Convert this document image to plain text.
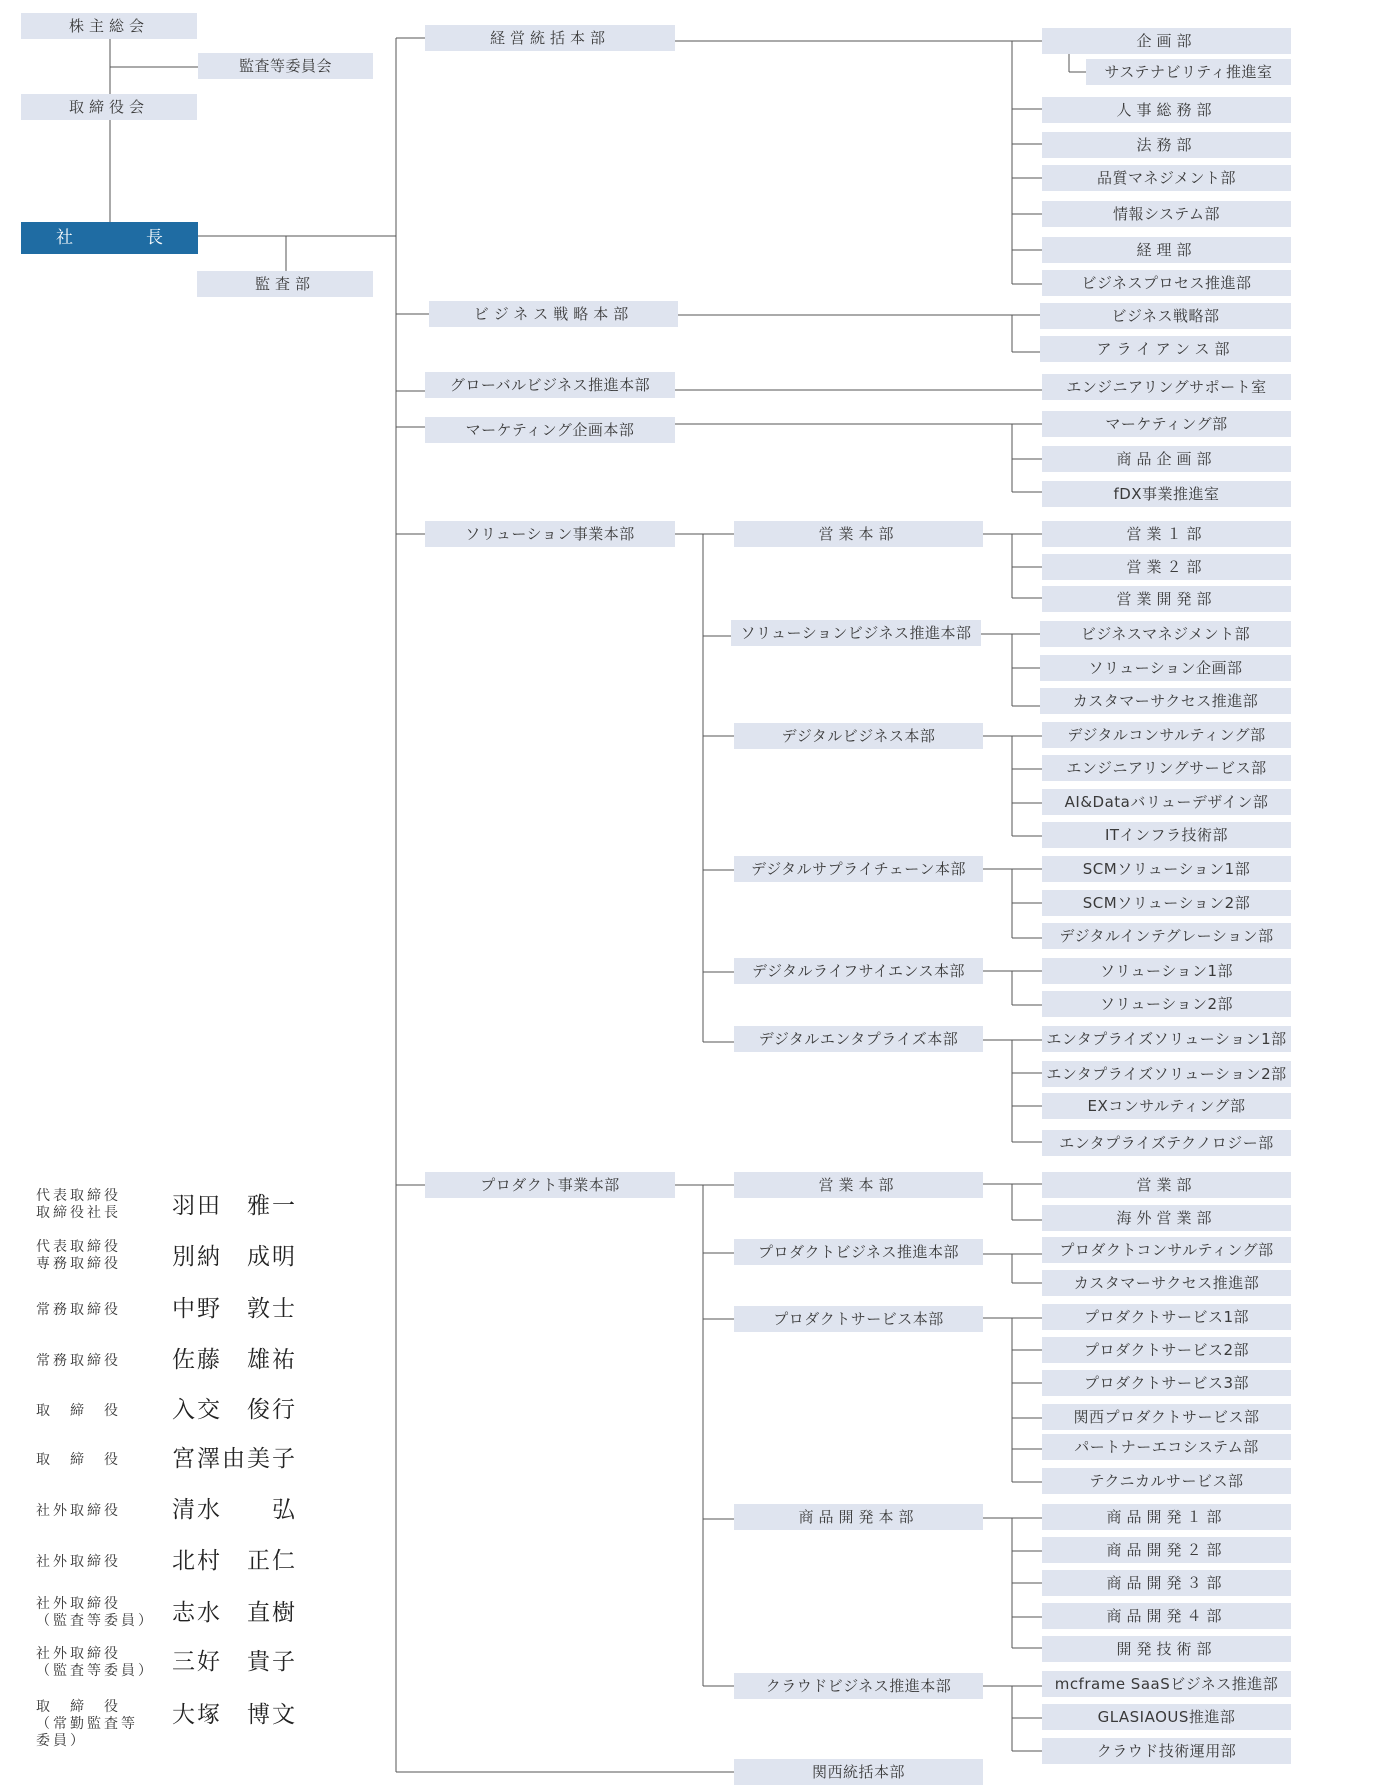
株主総会
監査等委員会
取締役会
社　長
監査部
経営統括本部
ビジネス戦略本部
グローバルビジネス推進本部
マーケティング企画本部
ソリューション事業本部
プロダクト事業本部
関西統括本部
企画部
サステナビリティ推進室
人事総務部
法務部
品質マネジメント部
情報システム部
経理部
ビジネスプロセス推進部
ビジネス戦略部
アライアンス部
エンジニアリングサポート室
マーケティング部
商品企画部
fDX事業推進室
営業本部
ソリューションビジネス推進本部
デジタルビジネス本部
デジタルサプライチェーン本部
デジタルライフサイエンス本部
デジタルエンタプライズ本部
営業１部
営業２部
営業開発部
ビジネスマネジメント部
ソリューション企画部
カスタマーサクセス推進部
デジタルコンサルティング部
エンジニアリングサービス部
AI&Dataバリューデザイン部
ITインフラ技術部
SCMソリューション1部
SCMソリューション2部
デジタルインテグレーション部
ソリューション1部
ソリューション2部
エンタプライズソリューション1部
エンタプライズソリューション2部
EXコンサルティング部
エンタプライズテクノロジー部
営業本部
プロダクトビジネス推進本部
プロダクトサービス本部
商品開発本部
クラウドビジネス推進本部
営業部
海外営業部
プロダクトコンサルティング部
カスタマーサクセス推進部
プロダクトサービス1部
プロダクトサービス2部
プロダクトサービス3部
関西プロダクトサービス部
パートナーエコシステム部
テクニカルサービス部
商品開発１部
商品開発２部
商品開発３部
商品開発４部
開発技術部
mcframe SaaSビジネス推進部
GLASIAOUS推進部
クラウド技術運用部
代表取締役
取締役社長	羽田　雅一
代表取締役
専務取締役	別納　成明
常務取締役	中野　敦士
常務取締役	佐藤　雄祐
取　締　役	入交　俊行
取　締　役	宮澤由美子
社外取締役	清水　　弘
社外取締役	北村　正仁
社外取締役
（監査等委員） 志水　直樹
社外取締役
（監査等委員） 三好　貴子
取　締　役
（常勤監査等委員）
大塚　博文
